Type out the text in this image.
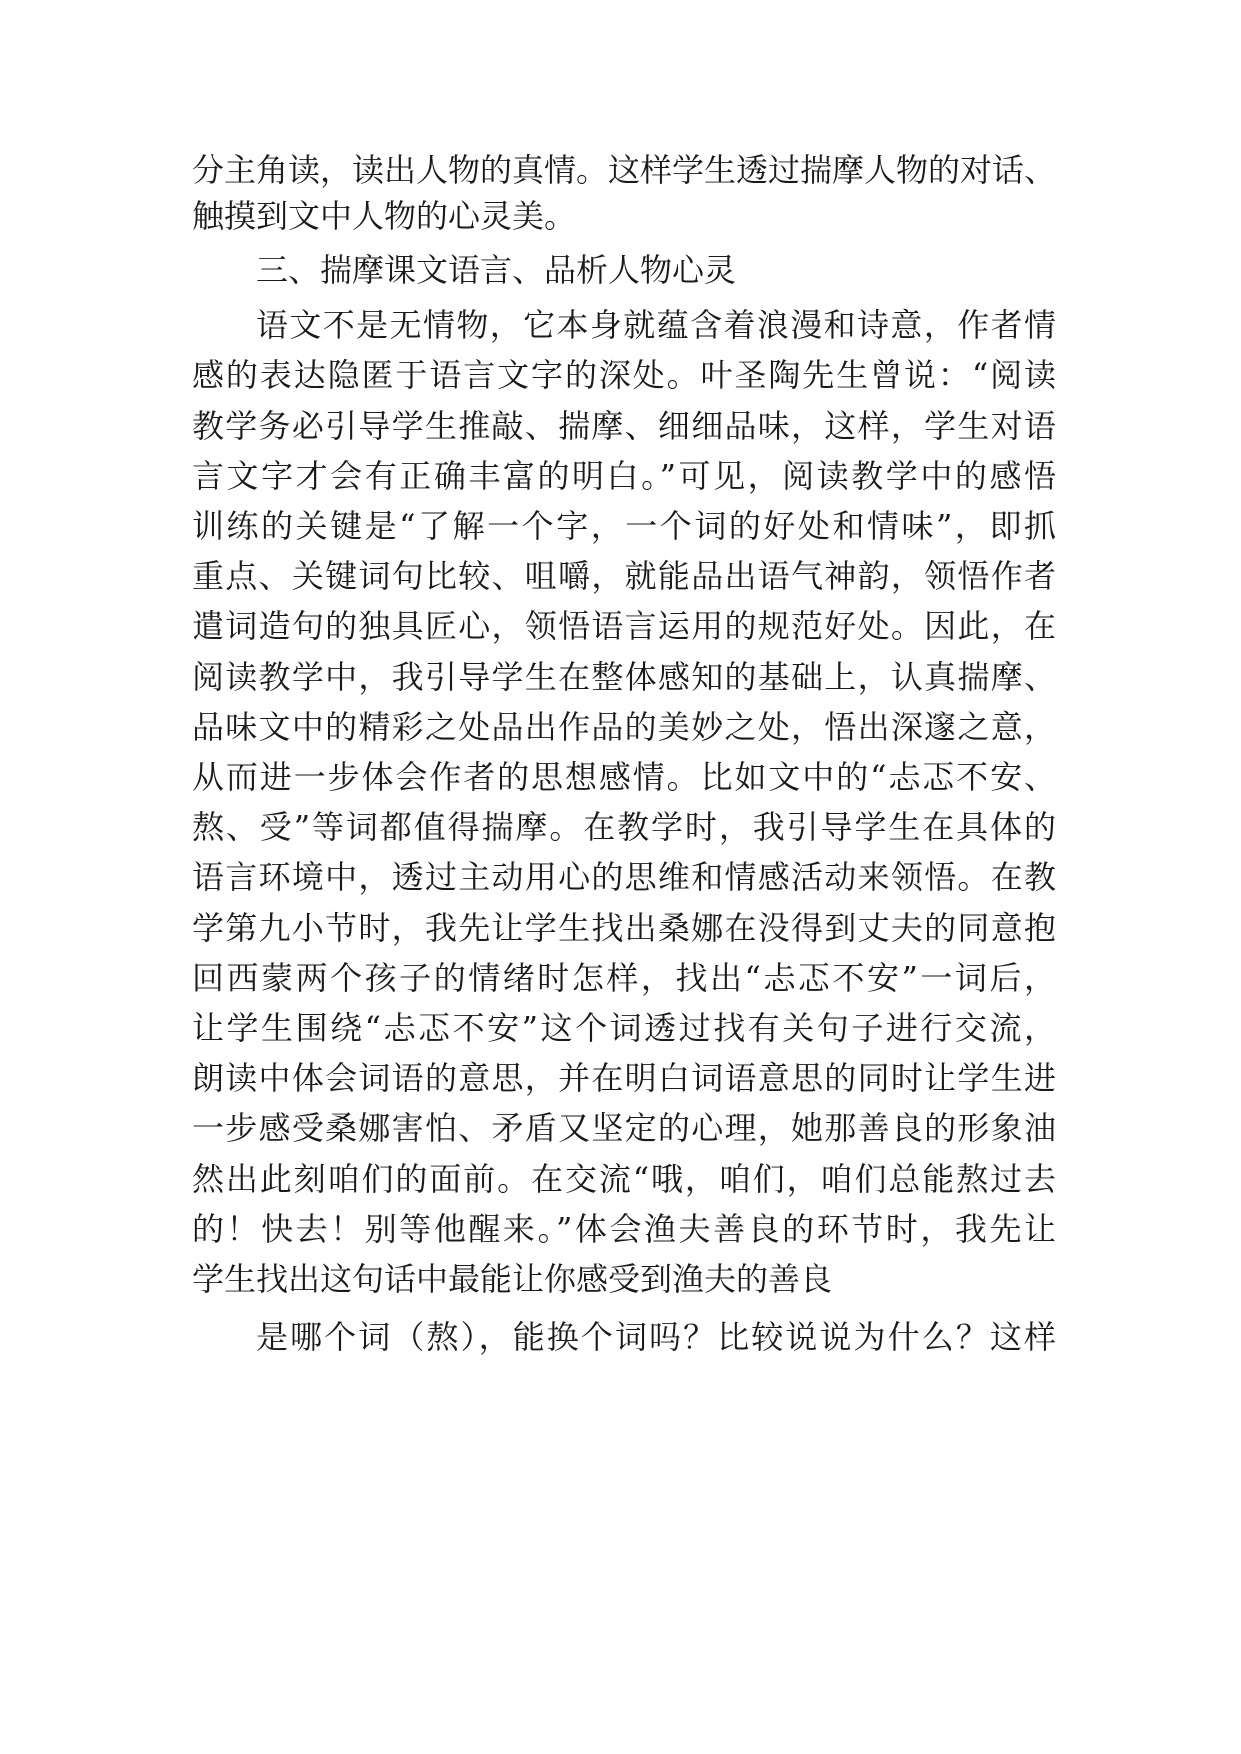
分主角读，读出人物的真情。这样学生透过揣摩人物的对话、
触摸到文中人物的心灵美。
三、揣摩课文语言、品析人物心灵
语文不是无情物，它本身就蕴含着浪漫和诗意，作者情
感的表达隐匿于语言文字的深处。叶圣陶先生曾说：“阅读
教学务必引导学生推敲、揣摩、细细品味，这样，学生对语
言文字才会有正确丰富的明白。”可见，阅读教学中的感悟
训练的关键是“了解一个字，一个词的好处和情味”，即抓
重点、关键词句比较、咀嚼，就能品出语气神韵，领悟作者
遣词造句的独具匠心，领悟语言运用的规范好处。因此，在
阅读教学中，我引导学生在整体感知的基础上，认真揣摩、
品味文中的精彩之处品出作品的美妙之处，悟出深邃之意，
从而进一步体会作者的思想感情。比如文中的“忐忑不安、
熬、受”等词都值得揣摩。在教学时，我引导学生在具体的
语言环境中，透过主动用心的思维和情感活动来领悟。在教
学第九小节时，我先让学生找出桑娜在没得到丈夫的同意抱
回西蒙两个孩子的情绪时怎样，找出“忐忑不安”一词后，
让学生围绕“忐忑不安”这个词透过找有关句子进行交流，
朗读中体会词语的意思，并在明白词语意思的同时让学生进
一步感受桑娜害怕、矛盾又坚定的心理，她那善良的形象油
然出此刻咱们的面前。在交流“哦，咱们，咱们总能熬过去
的！快去！别等他醒来。”体会渔夫善良的环节时，我先让
学生找出这句话中最能让你感受到渔夫的善良
是哪个词（熬），能换个词吗？比较说说为什么？这样
